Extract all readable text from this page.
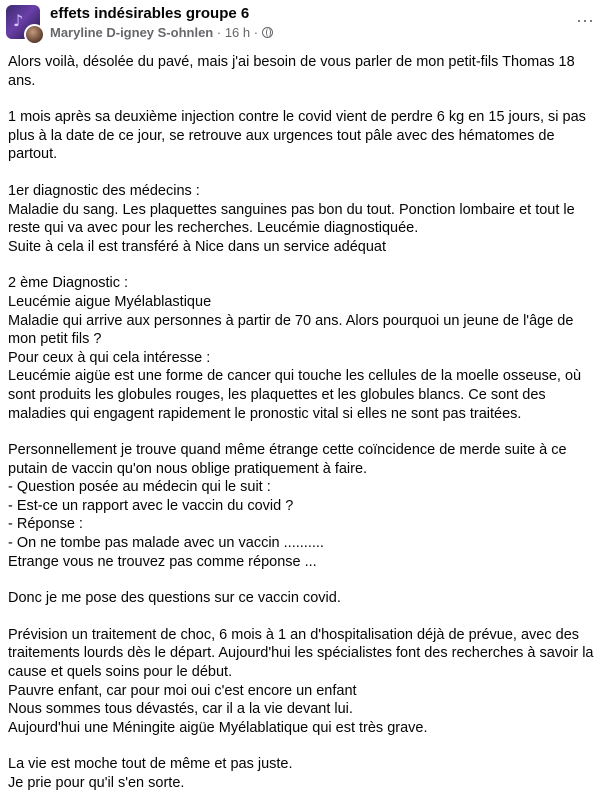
♪ effets indésirables groupe 6
Maryline D-igney S-ohnlen · 16 h ·
···
Alors voilà, désolée du pavé, mais j'ai besoin de vous parler de mon petit-fils Thomas 18 ans.
1 mois après sa deuxième injection contre le covid vient de perdre 6 kg en 15 jours, si pas plus à la date de ce jour, se retrouve aux urgences tout pâle avec des hématomes de partout.
1er diagnostic des médecins :
Maladie du sang. Les plaquettes sanguines pas bon du tout. Ponction lombaire et tout le reste qui va avec pour les recherches. Leucémie diagnostiquée.
Suite à cela il est transféré à Nice dans un service adéquat
2 ème Diagnostic :
Leucémie aigue Myélablastique
Maladie qui arrive aux personnes à partir de 70 ans. Alors pourquoi un jeune de l'âge de mon petit fils ?
Pour ceux à qui cela intéresse :
Leucémie aigüe est une forme de cancer qui touche les cellules de la moelle osseuse, où sont produits les globules rouges, les plaquettes et les globules blancs. Ce sont des maladies qui engagent rapidement le pronostic vital si elles ne sont pas traitées.
Personnellement je trouve quand même étrange cette coïncidence de merde suite à ce putain de vaccin qu'on nous oblige pratiquement à faire.
- Question posée au médecin qui le suit :
- Est-ce un rapport avec le vaccin du covid ?
- Réponse :
- On ne tombe pas malade avec un vaccin ..........
Etrange vous ne trouvez pas comme réponse ...
Donc je me pose des questions sur ce vaccin covid.
Prévision un traitement de choc, 6 mois à 1 an d'hospitalisation déjà de prévue, avec des traitements lourds dès le départ. Aujourd'hui les spécialistes font des recherches à savoir la cause et quels soins pour le début.
Pauvre enfant, car pour moi oui c'est encore un enfant
Nous sommes tous dévastés, car il a la vie devant lui.
Aujourd'hui une Méningite aigüe Myélablatique qui est très grave.
La vie est moche tout de même et pas juste.
Je prie pour qu'il s'en sorte.
